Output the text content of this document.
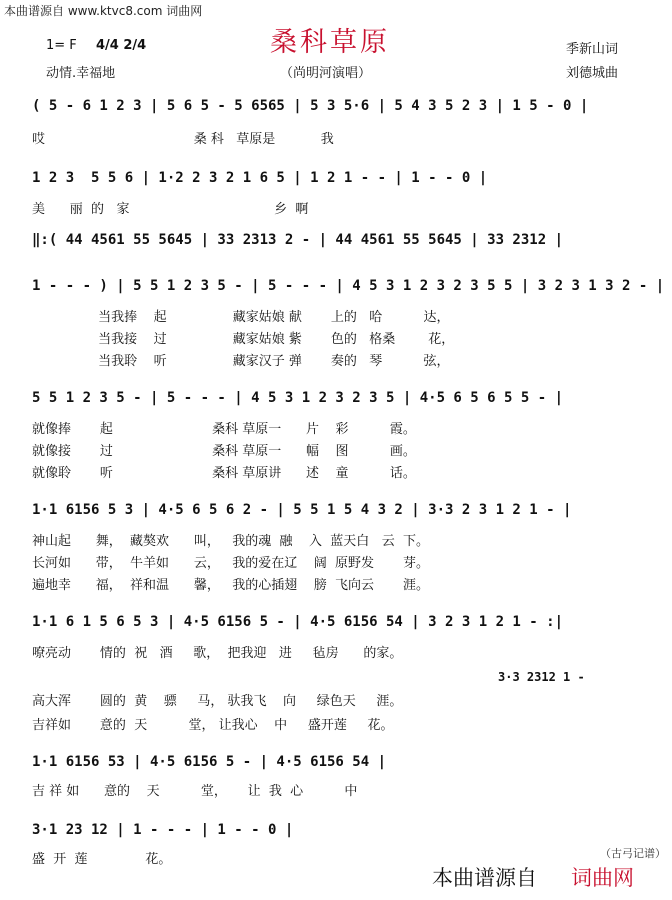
本曲谱源自 www.ktvc8.com 词曲网
桑科草原
1= F 4/4 2/4
动情.幸福地	（尚明河演唱）
季新山词
刘德城曲
( 5 - 6 1 2 3 | 5 6 5 - 5 6565 | 5 3 5·6 | 5 4 3 5 2 3 | 1 5 - 0 |
哎                                    桑 科   草原是           我
1 2 3  5 5 6 | 1·2 2 3 2 1 6 5 | 1 2 1 - - | 1 - - 0 |
美      丽  的   家                                   乡  啊
‖:( 44 4561 55 5645 | 33 2313 2 - | 44 4561 55 5645 | 33 2312 |
1 - - - ) | 5 5 1 2 3 5 - | 5 - - - | 4 5 3 1 2 3 2 3 5 5 | 3 2 3 1 3 2 - |
当我捧    起                藏家姑娘 献       上的   哈          达，
当我接    过                藏家姑娘 紫       色的   格桑        花，
当我聆    听                藏家汉子 弹       奏的   琴          弦，
5 5 1 2 3 5 - | 5 - - - | 4 5 3 1 2 3 2 3 5 | 4·5 6 5 6 5 5 - |
就像捧       起                        桑科 草原一      片    彩          霞。
就像接       过                        桑科 草原一      幅    图          画。
就像聆       听                        桑科 草原讲      述    童          话。
1·1 6156 5 3 | 4·5 6 5 6 2 - | 5 5 1 5 4 3 2 | 3·3 2 3 1 2 1 - |
神山起      舞，  藏獒欢      叫，   我的魂  融    入  蓝天白   云  下。
长河如      带，  牛羊如      云，   我的爱在辽    阔  原野发       芽。
遍地幸      福，  祥和温      馨，   我的心插翅    膀  飞向云       涯。
1·1 6 1 5 6 5 3 | 4·5 6156 5 - | 4·5 6156 54 | 3 2 3 1 2 1 - :|
嘹亮动       情的  祝   酒     歌，  把我迎   进     毡房      的家。
3·3 2312 1 -
高大浑       圆的  黄    骠     马， 驮我飞    向     绿色天     涯。
吉祥如       意的  天          堂， 让我心    中     盛开莲     花。
1·1 6156 53 | 4·5 6156 5 - | 4·5 6156 54 |
吉 祥 如      意的    天          堂，     让  我  心          中
3·1 23 12 | 1 - - - | 1 - - 0 |
盛  开  莲              花。	（古弓记谱）
本曲谱源自 词曲网
